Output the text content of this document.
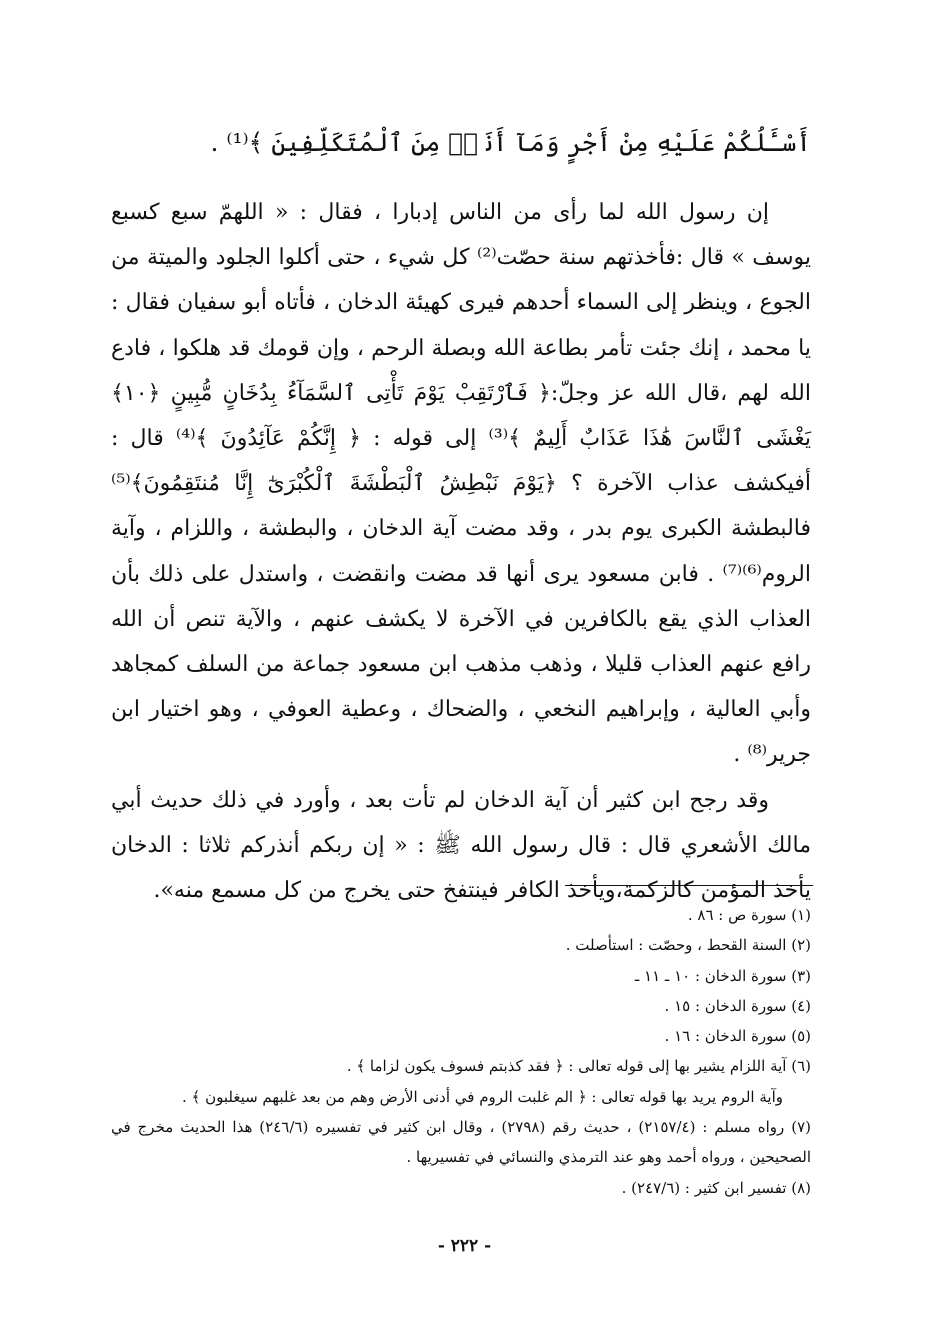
أَسْـَٔلُكُمْ عَلَيْهِ مِنْ أَجْرٍ وَمَآ أَنَا۠ مِنَ ٱلْمُتَكَلِّفِينَ ﴾⁽¹⁾ .

إن رسول الله لما رأى من الناس إدبارا ، فقال : « اللهمّ سبع كسبع يوسف » قال :فأخذتهم سنة حصّت⁽²⁾ كل شيء ، حتى أكلوا الجلود والميتة من الجوع ، وينظر إلى السماء أحدهم فيرى كهيئة الدخان ، فأتاه أبو سفيان فقال : يا محمد ، إنك جئت تأمر بطاعة الله وبصلة الرحم ، وإن قومك قد هلكوا ، فادع الله لهم ،قال الله عز وجلّ:﴿ فَٱرْتَقِبْ يَوْمَ تَأْتِى ٱلسَّمَآءُ بِدُخَانٍ مُّبِينٍ ﴿١٠﴾ يَغْشَى ٱلنَّاسَ هَٰذَا عَذَابٌ أَلِيمٌ ﴾⁽³⁾ إلى قوله : ﴿ إِنَّكُمْ عَآئِدُونَ ﴾⁽⁴⁾ قال : أفيكشف عذاب الآخرة ؟ ﴿يَوْمَ نَبْطِشُ ٱلْبَطْشَةَ ٱلْكُبْرَىٰٓ إِنَّا مُنتَقِمُونَ﴾⁽⁵⁾ فالبطشة الكبرى يوم بدر ، وقد مضت آية الدخان ، والبطشة ، واللزام ، وآية الروم⁽⁶⁾⁽⁷⁾ . فابن مسعود يرى أنها قد مضت وانقضت ، واستدل على ذلك بأن العذاب الذي يقع بالكافرين في الآخرة لا يكشف عنهم ، والآية تنص أن الله رافع عنهم العذاب قليلا ، وذهب مذهب ابن مسعود جماعة من السلف كمجاهد وأبي العالية ، وإبراهيم النخعي ، والضحاك ، وعطية العوفي ، وهو اختيار ابن جرير⁽⁸⁾ .

وقد رجح ابن كثير أن آية الدخان لم تأت بعد ، وأورد في ذلك حديث أبي مالك الأشعري قال : قال رسول الله ﷺ : « إن ربكم أنذركم ثلاثا : الدخان يأخذ المؤمن كالزكمة،ويأخذ الكافر فينتفخ حتى يخرج من كل مسمع منه».

(١) سورة ص : ٨٦ .

(٢) السنة القحط ، وحصّت : استأصلت .

(٣) سورة الدخان : ١٠ ـ ١١ ـ

(٤) سورة الدخان : ١٥ .

(٥) سورة الدخان : ١٦ .

(٦) آية اللزام يشير بها إلى قوله تعالى : ﴿ فقد كذبتم فسوف يكون لزاما ﴾ .

وآية الروم يريد بها قوله تعالى : ﴿ الم غلبت الروم في أدنى الأرض وهم من بعد غلبهم سيغلبون ﴾ .

(٧) رواه مسلم : (٢١٥٧/٤) ، حديث رقم (٢٧٩٨) ، وقال ابن كثير في تفسيره (٢٤٦/٦) هذا الحديث مخرج في الصحيحين ، ورواه أحمد وهو عند الترمذي والنسائي في تفسيريها .

(٨) تفسير ابن كثير : (٢٤٧/٦) .

- ٢٢٢ -
